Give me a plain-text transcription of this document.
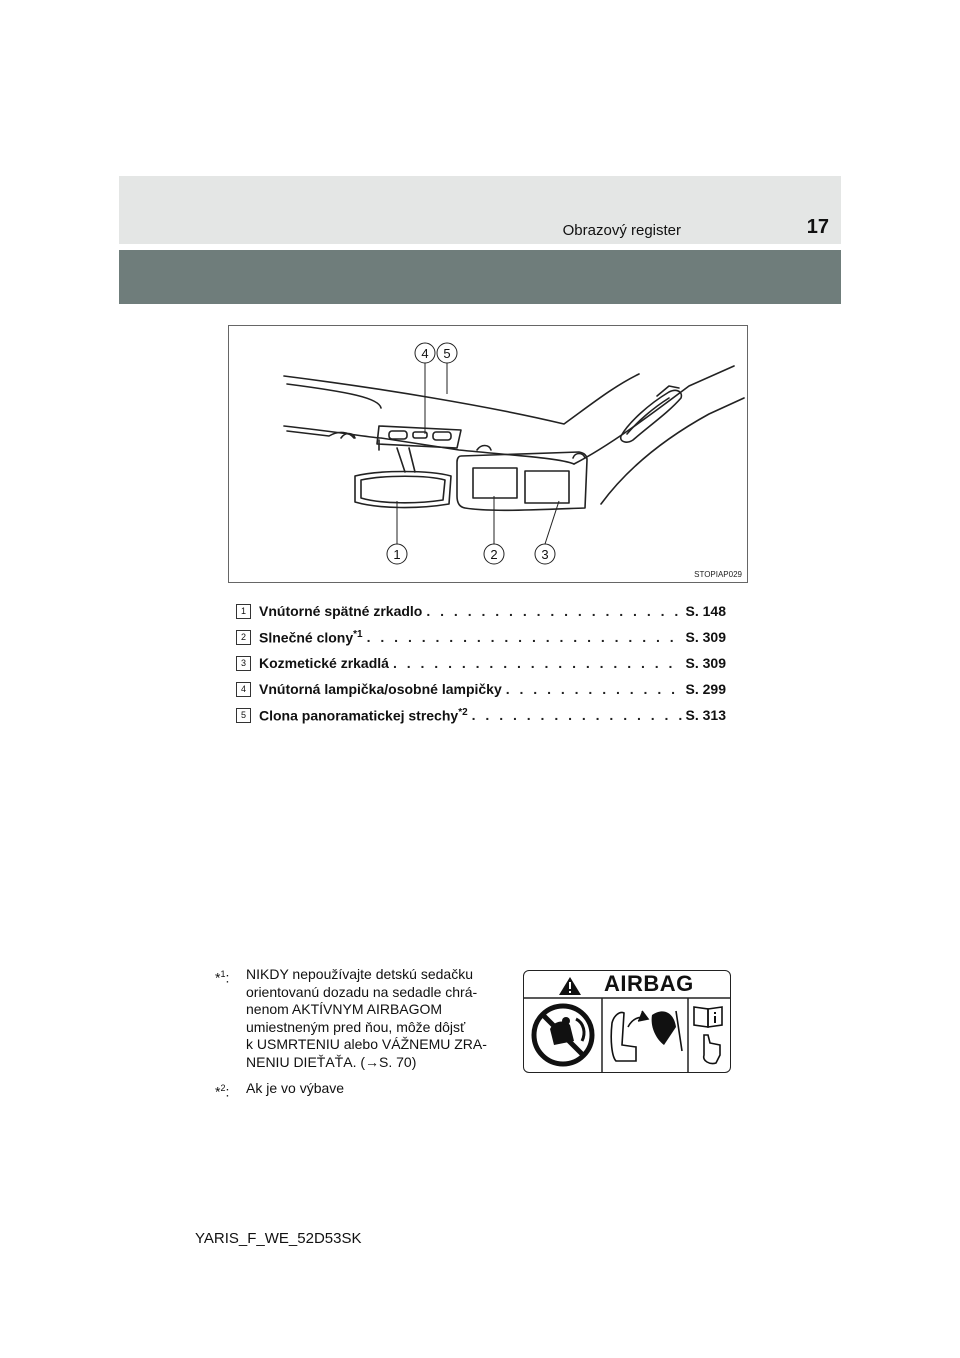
Obrazový register	17
4 5
1	2	3
STOPIAP029
1 Vnútorné spätné zrkadlo . . .	S. 148
2 Slnečné clony$^{*1}$ . . .	S. 309
3 Kozmetické zrkadlá . . .	S. 309
4 Vnútorná lampička/osobné lampičky . . .	S. 299
5 Clona panoramatickej strechy$^{*2}$ . . .	S. 313
*$^1$: NIKDY nepoužívajte detskú sedačku
orientovanú dozadu na sedadle chrá-
nenom AKTÍVNYM AIRBAGOM
umiestneným pred ňou, môže dôjsť
k USMRTENIU alebo VÁŽNEMU ZRA-
NENIU DIEŤAŤA. (→S. 70)
*$^2$: Ak je vo výbave
AIRBAG
YARIS_F_WE_52D53SK
